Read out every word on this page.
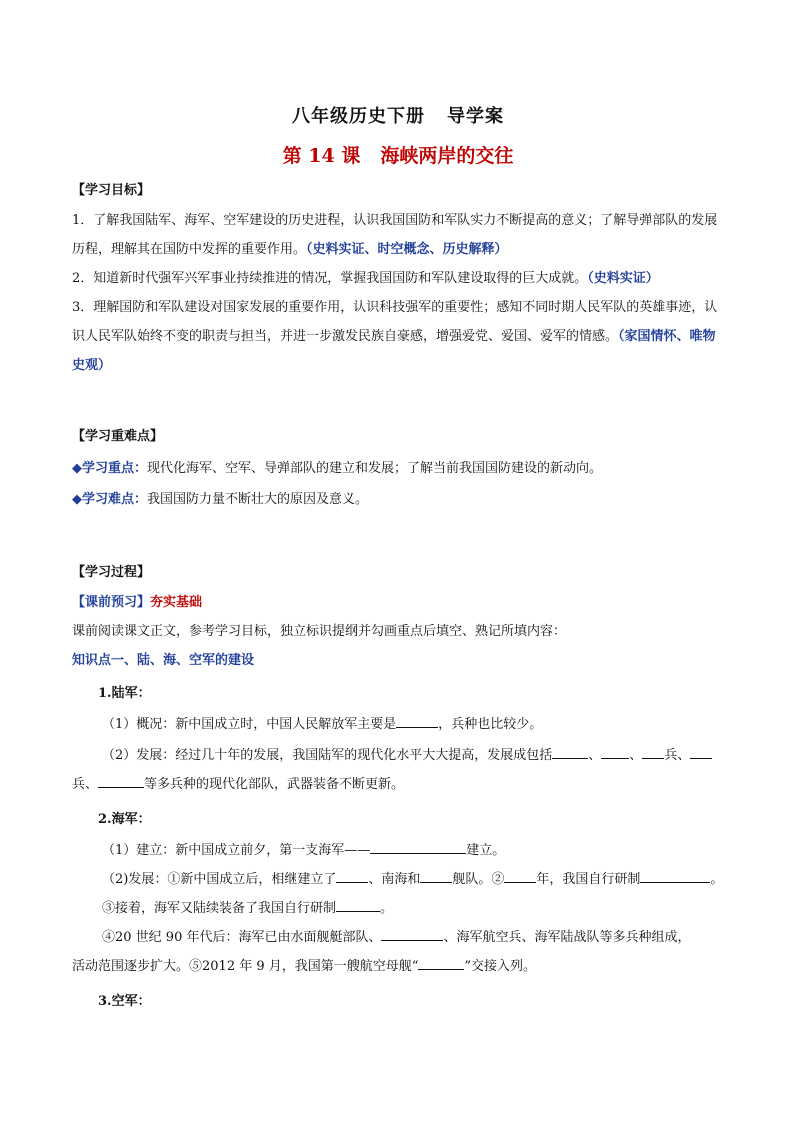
八年级历史下册 导学案
第 14 课 海峡两岸的交往
【学习目标】

1．了解我国陆军、海军、空军建设的历史进程，认识我国国防和军队实力不断提高的意义；了解导弹部队的发展历程，理解其在国防中发挥的重要作用。（史料实证、时空概念、历史解释）

2．知道新时代强军兴军事业持续推进的情况，掌握我国国防和军队建设取得的巨大成就。（史料实证）

3．理解国防和军队建设对国家发展的重要作用，认识科技强军的重要性；感知不同时期人民军队的英雄事迹，认识人民军队始终不变的职责与担当，并进一步激发民族自豪感，增强爱党、爱国、爱军的情感。（家国情怀、唯物史观）

【学习重难点】

◆学习重点：现代化海军、空军、导弹部队的建立和发展；了解当前我国国防建设的新动向。

◆学习难点：我国国防力量不断壮大的原因及意义。

【学习过程】

【课前预习】夯实基础

课前阅读课文正文，参考学习目标，独立标识提纲并勾画重点后填空、熟记所填内容：

知识点一、陆、海、空军的建设

1.陆军：

（1）概况：新中国成立时，中国人民解放军主要是	，兵种也比较少。

（2）发展：经过几十年的发展，我国陆军的现代化水平大大提高，发展成包括	、 、 兵、

兵、	等多兵种的现代化部队，武器装备不断更新。

2.海军：

（1）建立：新中国成立前夕，第一支海军——	建立。

（2)发展：①新中国成立后，相继建立了 、南海和 舰队。② 年，我国自行研制	。

③接着，海军又陆续装备了我国自行研制	。

④20 世纪 90 年代后：海军已由水面舰艇部队、	、海军航空兵、海军陆战队等多兵种组成，

活动范围逐步扩大。⑤2012 年 9 月，我国第一艘航空母舰“	”交接入列。

3.空军：
